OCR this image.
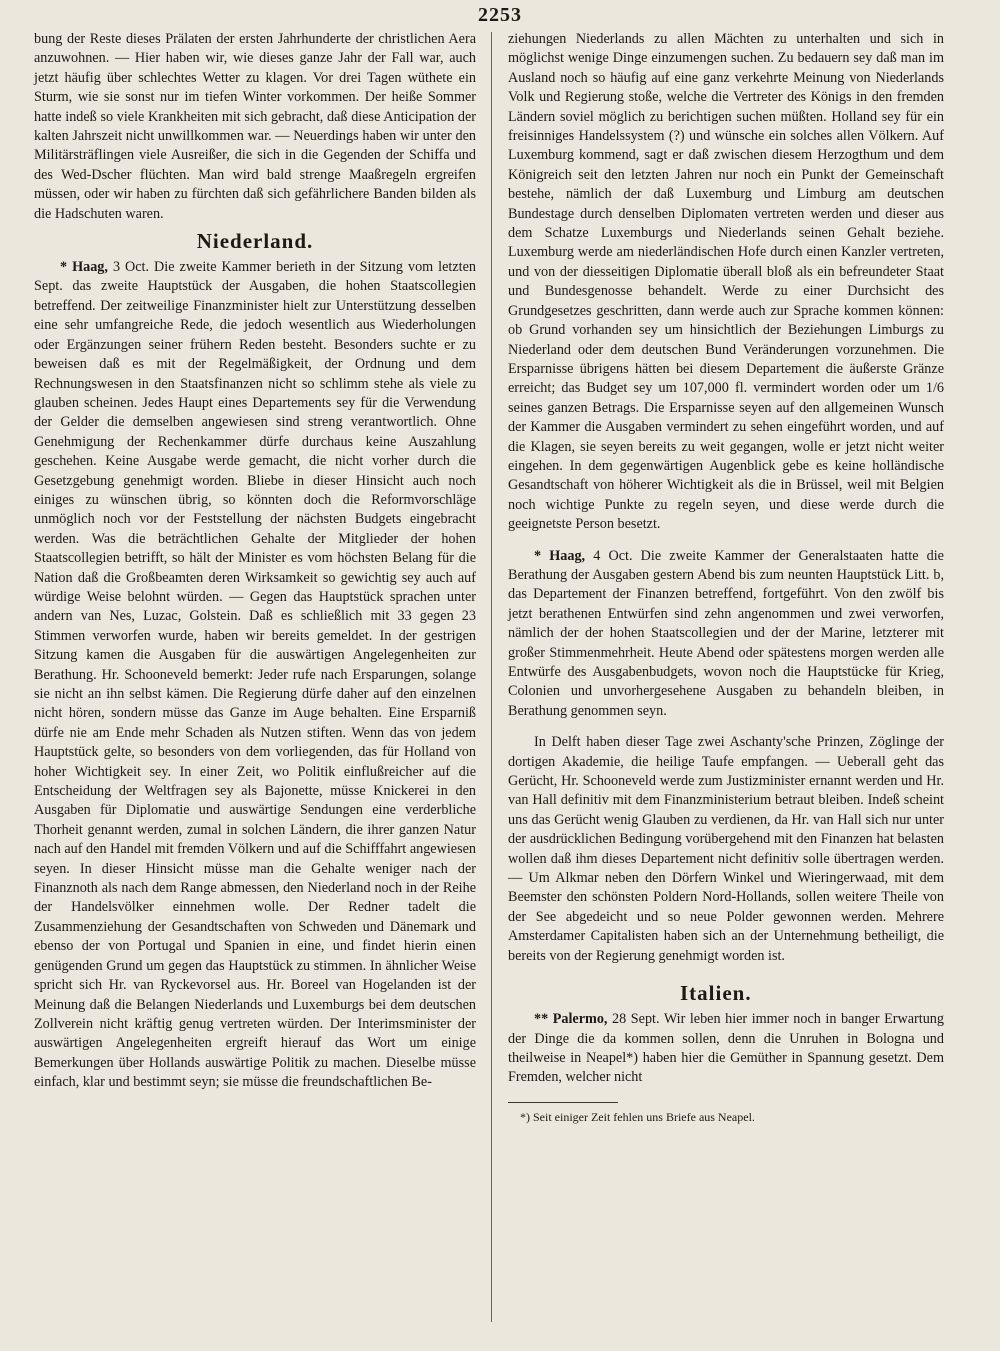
2253

bung der Reste dieses Prälaten der ersten Jahrhunderte der christlichen Aera anzuwohnen. — Hier haben wir, wie dieses ganze Jahr der Fall war, auch jetzt häufig über schlechtes Wetter zu klagen. Vor drei Tagen wüthete ein Sturm, wie sie sonst nur im tiefen Winter vorkommen. Der heiße Sommer hatte indeß so viele Krankheiten mit sich gebracht, daß diese Anticipation der kalten Jahrszeit nicht unwillkommen war. — Neuerdings haben wir unter den Militärsträflingen viele Ausreißer, die sich in die Gegenden der Schiffa und des Wed-Dscher flüchten. Man wird bald strenge Maaßregeln ergreifen müssen, oder wir haben zu fürchten daß sich gefährlichere Banden bilden als die Hadschuten waren.

Niederland.

* Haag, 3 Oct. Die zweite Kammer berieth in der Sitzung vom letzten Sept. das zweite Hauptstück der Ausgaben, die hohen Staatscollegien betreffend. Der zeitweilige Finanzminister hielt zur Unterstützung desselben eine sehr umfangreiche Rede, die jedoch wesentlich aus Wiederholungen oder Ergänzungen seiner frühern Reden besteht. Besonders suchte er zu beweisen daß es mit der Regelmäßigkeit, der Ordnung und dem Rechnungswesen in den Staatsfinanzen nicht so schlimm stehe als viele zu glauben scheinen. Jedes Haupt eines Departements sey für die Verwendung der Gelder die demselben angewiesen sind streng verantwortlich. Ohne Genehmigung der Rechenkammer dürfe durchaus keine Auszahlung geschehen. Keine Ausgabe werde gemacht, die nicht vorher durch die Gesetzgebung genehmigt worden. Bliebe in dieser Hinsicht auch noch einiges zu wünschen übrig, so könnten doch die Reformvorschläge unmöglich noch vor der Feststellung der nächsten Budgets eingebracht werden. Was die beträchtlichen Gehalte der Mitglieder der hohen Staatscollegien betrifft, so hält der Minister es vom höchsten Belang für die Nation daß die Großbeamten deren Wirksamkeit so gewichtig sey auch auf würdige Weise belohnt würden. — Gegen das Hauptstück sprachen unter andern van Nes, Luzac, Golstein. Daß es schließlich mit 33 gegen 23 Stimmen verworfen wurde, haben wir bereits gemeldet. In der gestrigen Sitzung kamen die Ausgaben für die auswärtigen Angelegenheiten zur Berathung. Hr. Schooneveld bemerkt: Jeder rufe nach Ersparungen, solange sie nicht an ihn selbst kämen. Die Regierung dürfe daher auf den einzelnen nicht hören, sondern müsse das Ganze im Auge behalten. Eine Ersparniß dürfe nie am Ende mehr Schaden als Nutzen stiften. Wenn das von jedem Hauptstück gelte, so besonders von dem vorliegenden, das für Holland von hoher Wichtigkeit sey. In einer Zeit, wo Politik einflußreicher auf die Entscheidung der Weltfragen sey als Bajonette, müsse Knickerei in den Ausgaben für Diplomatie und auswärtige Sendungen eine verderbliche Thorheit genannt werden, zumal in solchen Ländern, die ihrer ganzen Natur nach auf den Handel mit fremden Völkern und auf die Schifffahrt angewiesen seyen. In dieser Hinsicht müsse man die Gehalte weniger nach der Finanznoth als nach dem Range abmessen, den Niederland noch in der Reihe der Handelsvölker einnehmen wolle. Der Redner tadelt die Zusammenziehung der Gesandtschaften von Schweden und Dänemark und ebenso der von Portugal und Spanien in eine, und findet hierin einen genügenden Grund um gegen das Hauptstück zu stimmen. In ähnlicher Weise spricht sich Hr. van Ryckevorsel aus. Hr. Boreel van Hogelanden ist der Meinung daß die Belangen Niederlands und Luxemburgs bei dem deutschen Zollverein nicht kräftig genug vertreten würden. Der Interimsminister der auswärtigen Angelegenheiten ergreift hierauf das Wort um einige Bemerkungen über Hollands auswärtige Politik zu machen. Dieselbe müsse einfach, klar und bestimmt seyn; sie müsse die freundschaftlichen Be-

ziehungen Niederlands zu allen Mächten zu unterhalten und sich in möglichst wenige Dinge einzumengen suchen. Zu bedauern sey daß man im Ausland noch so häufig auf eine ganz verkehrte Meinung von Niederlands Volk und Regierung stoße, welche die Vertreter des Königs in den fremden Ländern soviel möglich zu berichtigen suchen müßten. Holland sey für ein freisinniges Handelssystem (?) und wünsche ein solches allen Völkern. Auf Luxemburg kommend, sagt er daß zwischen diesem Herzogthum und dem Königreich seit den letzten Jahren nur noch ein Punkt der Gemeinschaft bestehe, nämlich der daß Luxemburg und Limburg am deutschen Bundestage durch denselben Diplomaten vertreten werden und dieser aus dem Schatze Luxemburgs und Niederlands seinen Gehalt beziehe. Luxemburg werde am niederländischen Hofe durch einen Kanzler vertreten, und von der diesseitigen Diplomatie überall bloß als ein befreundeter Staat und Bundesgenosse behandelt. Werde zu einer Durchsicht des Grundgesetzes geschritten, dann werde auch zur Sprache kommen können: ob Grund vorhanden sey um hinsichtlich der Beziehungen Limburgs zu Niederland oder dem deutschen Bund Veränderungen vorzunehmen. Die Ersparnisse übrigens hätten bei diesem Departement die äußerste Gränze erreicht; das Budget sey um 107,000 fl. vermindert worden oder um 1/6 seines ganzen Betrags. Die Ersparnisse seyen auf den allgemeinen Wunsch der Kammer die Ausgaben vermindert zu sehen eingeführt worden, und auf die Klagen, sie seyen bereits zu weit gegangen, wolle er jetzt nicht weiter eingehen. In dem gegenwärtigen Augenblick gebe es keine holländische Gesandtschaft von höherer Wichtigkeit als die in Brüssel, weil mit Belgien noch wichtige Punkte zu regeln seyen, und diese werde durch die geeignetste Person besetzt.

* Haag, 4 Oct. Die zweite Kammer der Generalstaaten hatte die Berathung der Ausgaben gestern Abend bis zum neunten Hauptstück Litt. b, das Departement der Finanzen betreffend, fortgeführt. Von den zwölf bis jetzt berathenen Entwürfen sind zehn angenommen und zwei verworfen, nämlich der der hohen Staatscollegien und der der Marine, letzterer mit großer Stimmenmehrheit. Heute Abend oder spätestens morgen werden alle Entwürfe des Ausgabenbudgets, wovon noch die Hauptstücke für Krieg, Colonien und unvorhergesehene Ausgaben zu behandeln bleiben, in Berathung genommen seyn.

In Delft haben dieser Tage zwei Aschanty'sche Prinzen, Zöglinge der dortigen Akademie, die heilige Taufe empfangen. — Ueberall geht das Gerücht, Hr. Schooneveld werde zum Justizminister ernannt werden und Hr. van Hall definitiv mit dem Finanzministerium betraut bleiben. Indeß scheint uns das Gerücht wenig Glauben zu verdienen, da Hr. van Hall sich nur unter der ausdrücklichen Bedingung vorübergehend mit den Finanzen hat belasten wollen daß ihm dieses Departement nicht definitiv solle übertragen werden. — Um Alkmar neben den Dörfern Winkel und Wieringerwaad, mit dem Beemster den schönsten Poldern Nord-Hollands, sollen weitere Theile von der See abgedeicht und so neue Polder gewonnen werden. Mehrere Amsterdamer Capitalisten haben sich an der Unternehmung betheiligt, die bereits von der Regierung genehmigt worden ist.

Italien.

** Palermo, 28 Sept. Wir leben hier immer noch in banger Erwartung der Dinge die da kommen sollen, denn die Unruhen in Bologna und theilweise in Neapel*) haben hier die Gemüther in Spannung gesetzt. Dem Fremden, welcher nicht

*) Seit einiger Zeit fehlen uns Briefe aus Neapel.
